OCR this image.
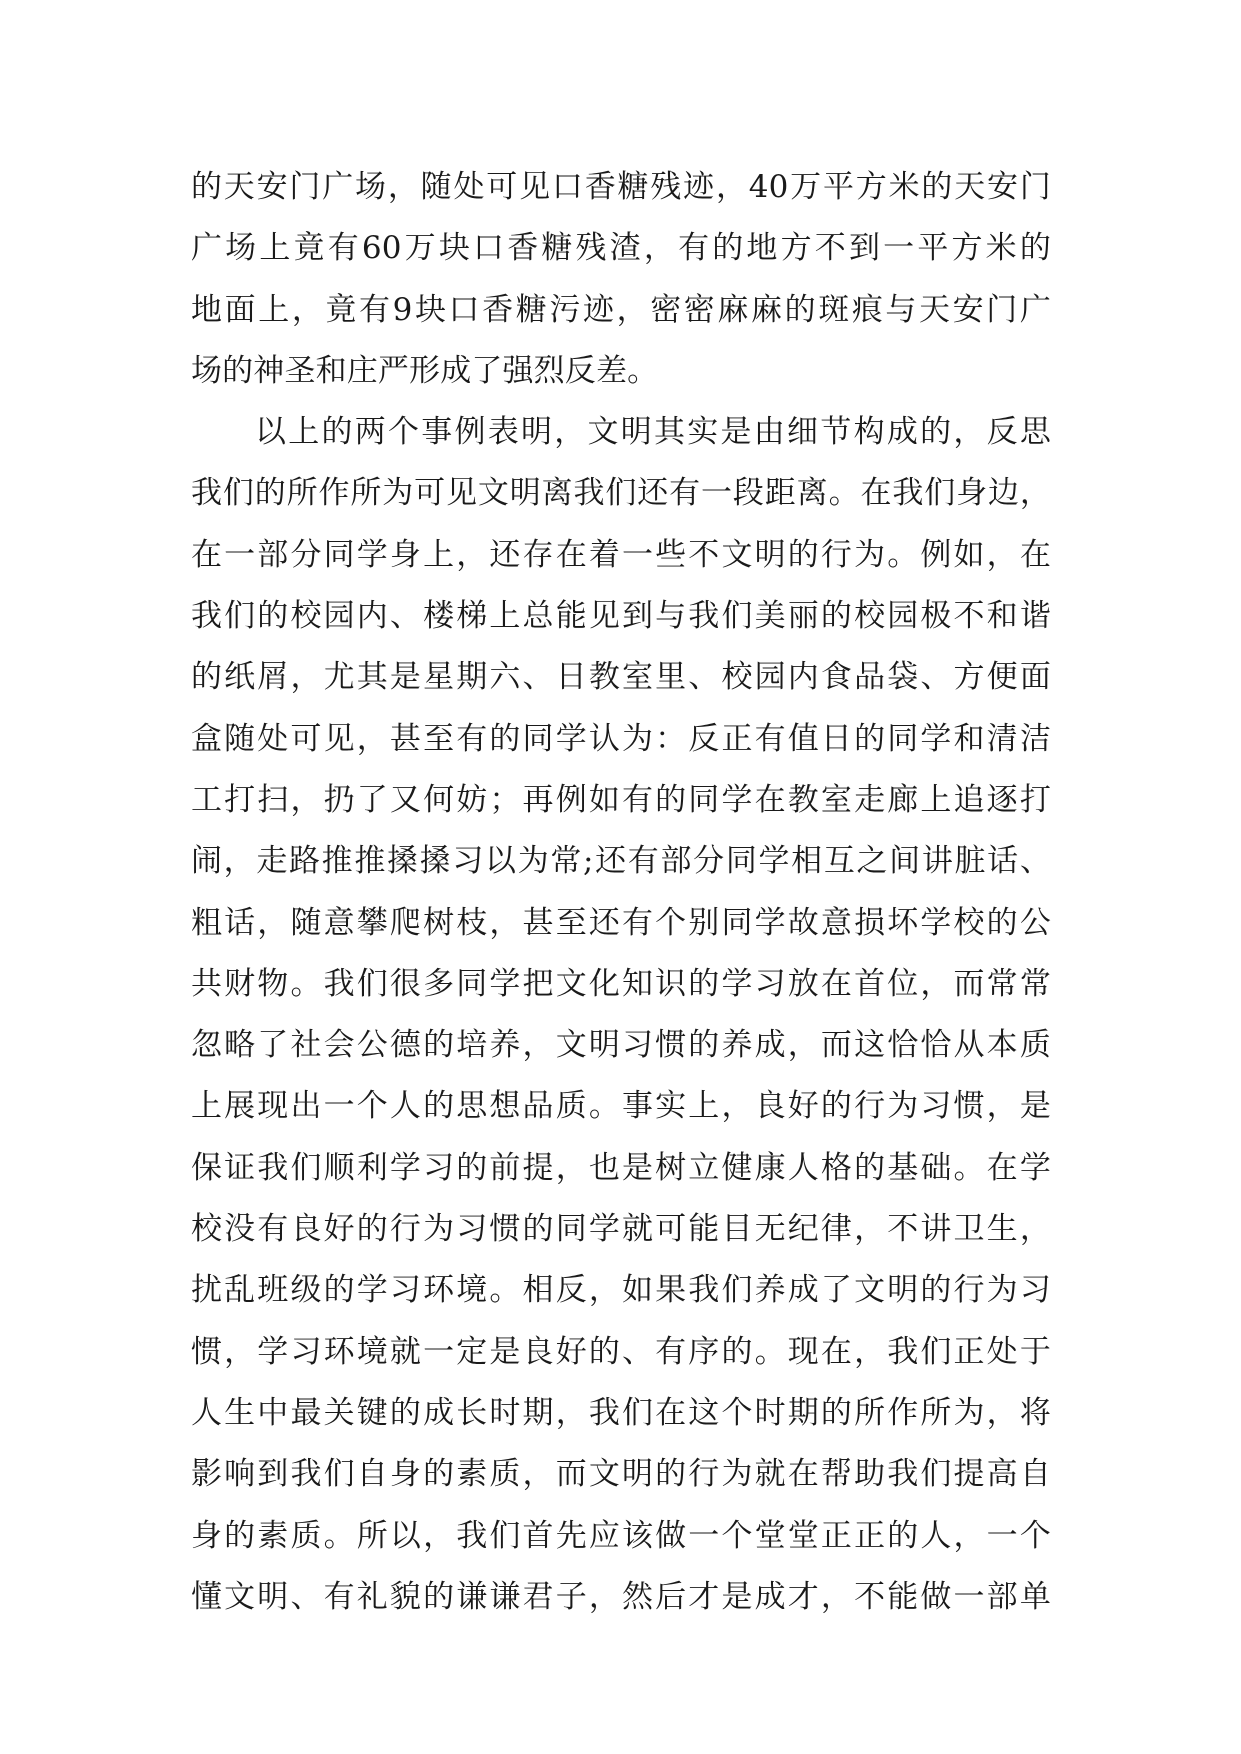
的天安门广场，随处可见口香糖残迹，40万平方米的天安门
广场上竟有60万块口香糖残渣，有的地方不到一平方米的
地面上，竟有9块口香糖污迹，密密麻麻的斑痕与天安门广
场的神圣和庄严形成了强烈反差。
以上的两个事例表明，文明其实是由细节构成的，反思
我们的所作所为可见文明离我们还有一段距离。在我们身边，
在一部分同学身上，还存在着一些不文明的行为。例如，在
我们的校园内、楼梯上总能见到与我们美丽的校园极不和谐
的纸屑，尤其是星期六、日教室里、校园内食品袋、方便面
盒随处可见，甚至有的同学认为：反正有值日的同学和清洁
工打扫，扔了又何妨；再例如有的同学在教室走廊上追逐打
闹，走路推推搡搡习以为常;还有部分同学相互之间讲脏话、
粗话，随意攀爬树枝，甚至还有个别同学故意损坏学校的公
共财物。我们很多同学把文化知识的学习放在首位，而常常
忽略了社会公德的培养，文明习惯的养成，而这恰恰从本质
上展现出一个人的思想品质。事实上，良好的行为习惯，是
保证我们顺利学习的前提，也是树立健康人格的基础。在学
校没有良好的行为习惯的同学就可能目无纪律，不讲卫生，
扰乱班级的学习环境。相反，如果我们养成了文明的行为习
惯，学习环境就一定是良好的、有序的。现在，我们正处于
人生中最关键的成长时期，我们在这个时期的所作所为，将
影响到我们自身的素质，而文明的行为就在帮助我们提高自
身的素质。所以，我们首先应该做一个堂堂正正的人，一个
懂文明、有礼貌的谦谦君子，然后才是成才，不能做一部单
